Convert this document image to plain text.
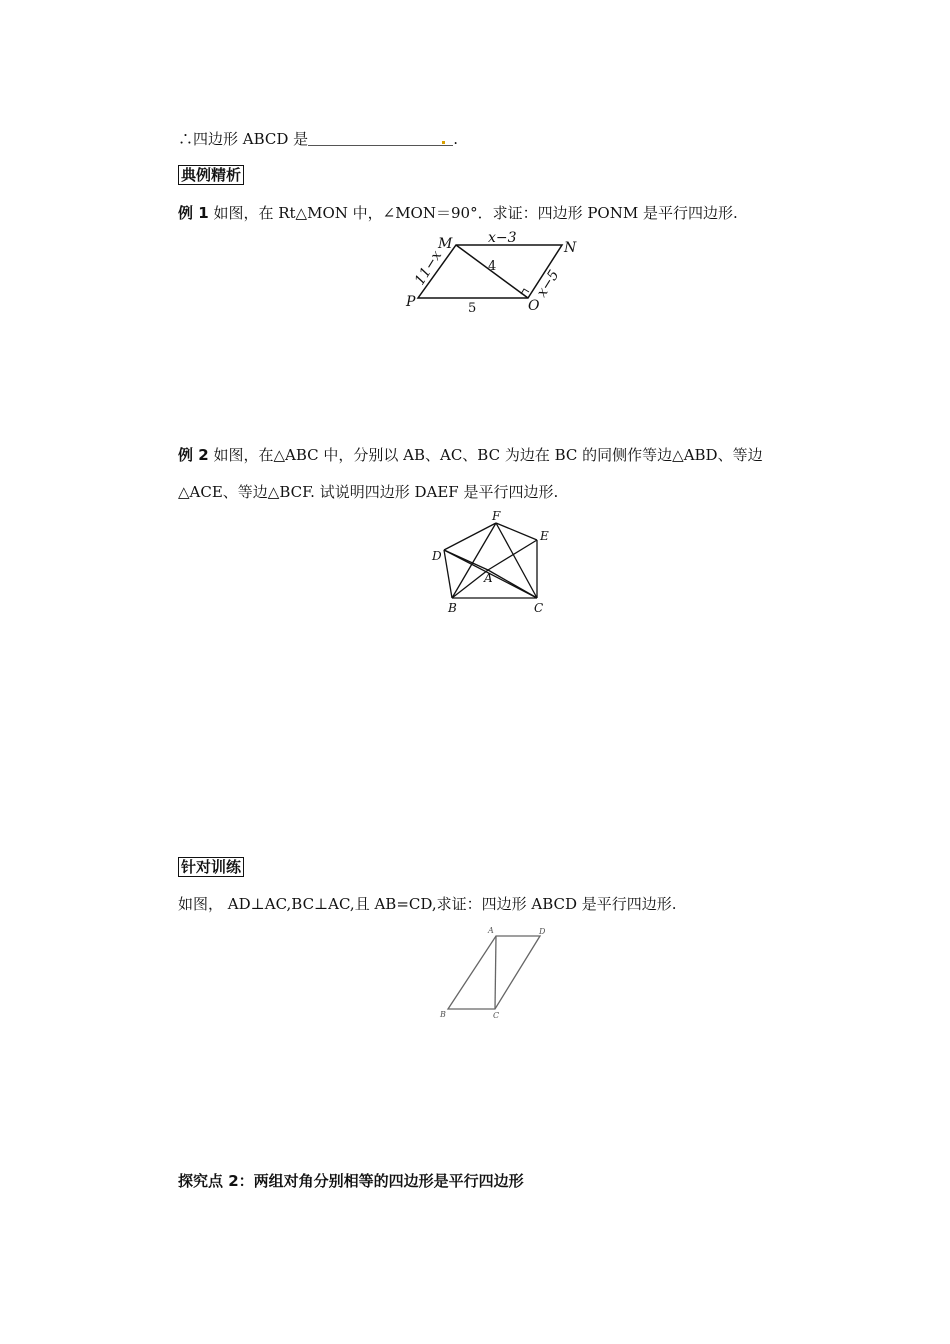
∴四边形 ABCD 是	.
典例精析
例 1 如图，在 Rt△MON 中，∠MON＝90°．求证：四边形 PONM 是平行四边形.
M	N
P	O
x−3
11−x	x−5
5
4
例 2 如图，在△ABC 中，分别以 AB、AC、BC 为边在 BC 的同侧作等边△ABD、等边
△ACE、等边△BCF. 试说明四边形 DAEF 是平行四边形.
F
E
D
A
B	C
针对训练
如图， AD⊥AC,BC⊥AC,且 AB=CD,求证：四边形 ABCD 是平行四边形.
A	D
B	C
探究点 2：两组对角分别相等的四边形是平行四边形
